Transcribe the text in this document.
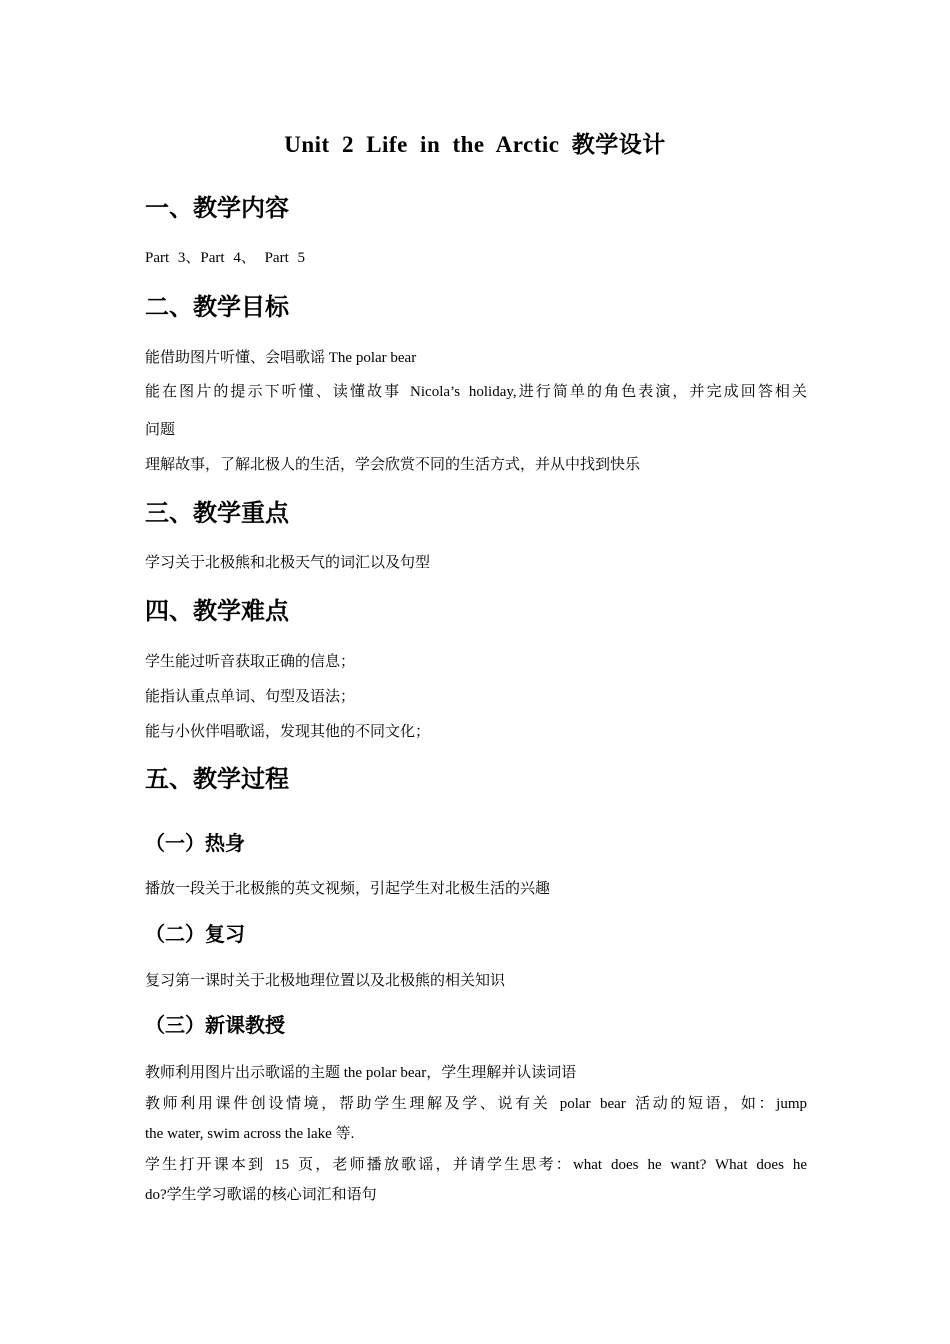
Unit 2 Life in the Arctic 教学设计
一、教学内容

Part 3、Part 4、 Part 5

二、教学目标

能借助图片听懂、会唱歌谣 The polar bear

能在图片的提示下听懂、读懂故事 Nicola’s holiday,进行简单的角色表演，并完成回答相关

问题

理解故事，了解北极人的生活，学会欣赏不同的生活方式，并从中找到快乐

三、教学重点

学习关于北极熊和北极天气的词汇以及句型

四、教学难点

学生能过听音获取正确的信息；

能指认重点单词、句型及语法；

能与小伙伴唱歌谣，发现其他的不同文化；

五、教学过程
（一）热身

播放一段关于北极熊的英文视频，引起学生对北极生活的兴趣

（二）复习

复习第一课时关于北极地理位置以及北极熊的相关知识

（三）新课教授

教师利用图片出示歌谣的主题 the polar bear，学生理解并认读词语

教师利用课件创设情境，帮助学生理解及学、说有关 polar bear 活动的短语，如：jump

the water, swim across the lake 等.

学生打开课本到 15 页，老师播放歌谣，并请学生思考：what does he want? What does he

do?学生学习歌谣的核心词汇和语句
